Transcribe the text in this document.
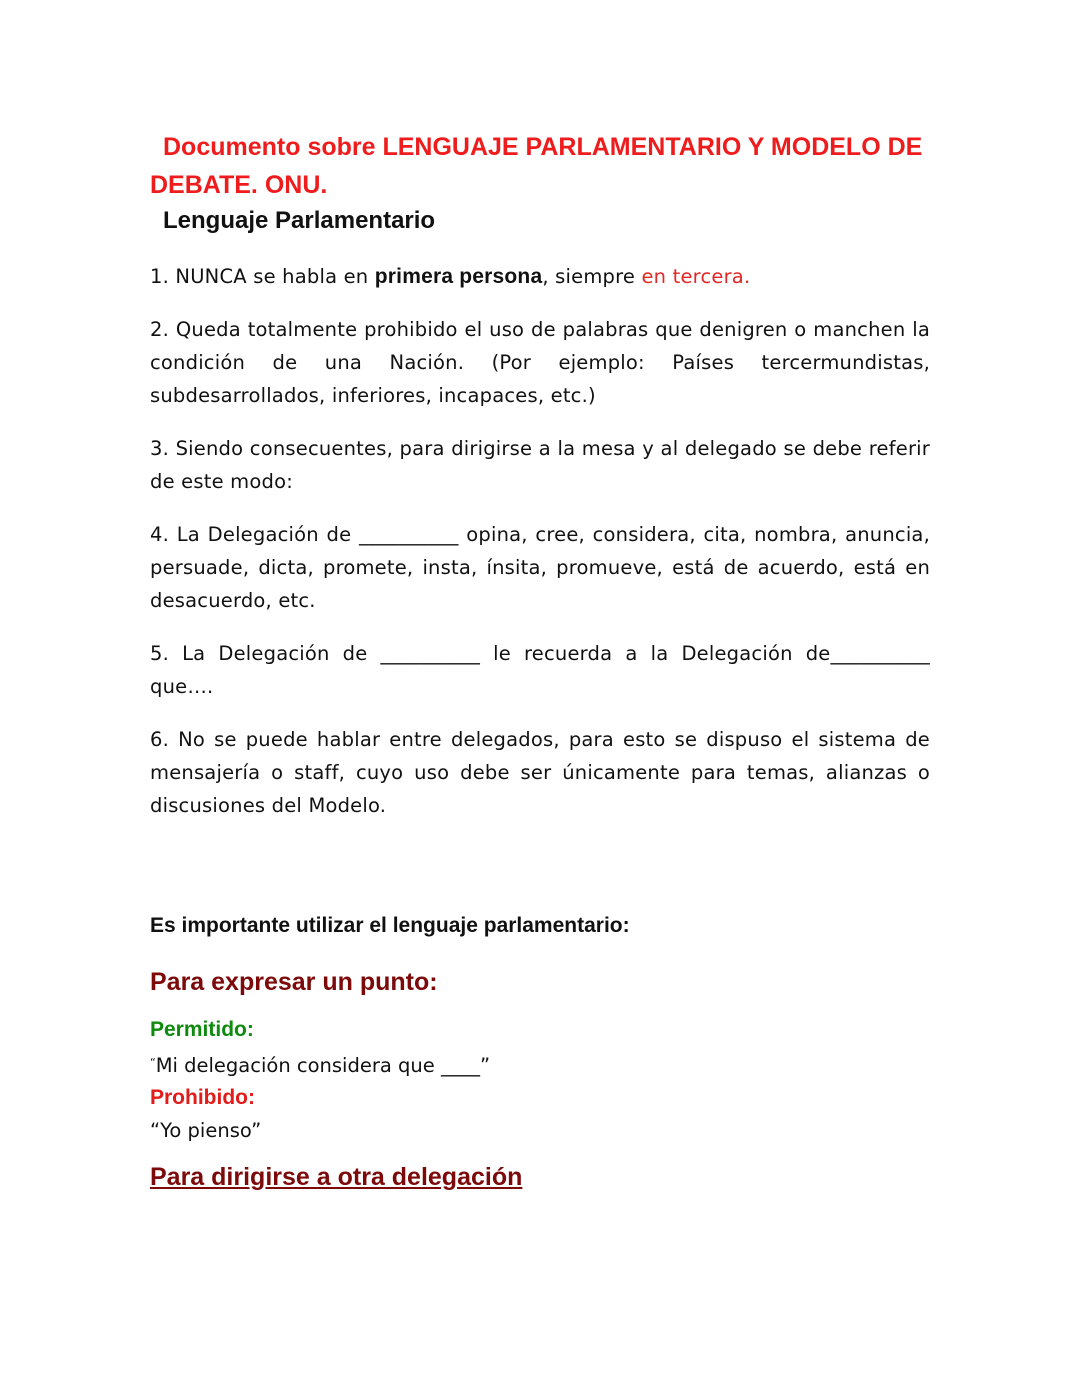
Documento sobre LENGUAJE PARLAMENTARIO Y MODELO DE DEBATE. ONU.
Lenguaje Parlamentario

1. NUNCA se habla en primera persona, siempre en tercera.

2. Queda totalmente prohibido el uso de palabras que denigren o manchen la condición de una Nación. (Por ejemplo: Países tercermundistas, subdesarrollados, inferiores, incapaces, etc.)

3. Siendo consecuentes, para dirigirse a la mesa y al delegado se debe referir de este modo:

4. La Delegación de __________ opina, cree, considera, cita, nombra, anuncia, persuade, dicta, promete, insta, ínsita, promueve, está de acuerdo, está en desacuerdo, etc.

5. La Delegación de __________ le recuerda a la Delegación de__________ que….

6. No se puede hablar entre delegados, para esto se dispuso el sistema de mensajería o staff, cuyo uso debe ser únicamente para temas, alianzas o discusiones del Modelo.

Es importante utilizar el lenguaje parlamentario:

Para expresar un punto:
Permitido:
“Mi delegación considera que ____”
Prohibido:
“Yo pienso”
Para dirigirse a otra delegación
